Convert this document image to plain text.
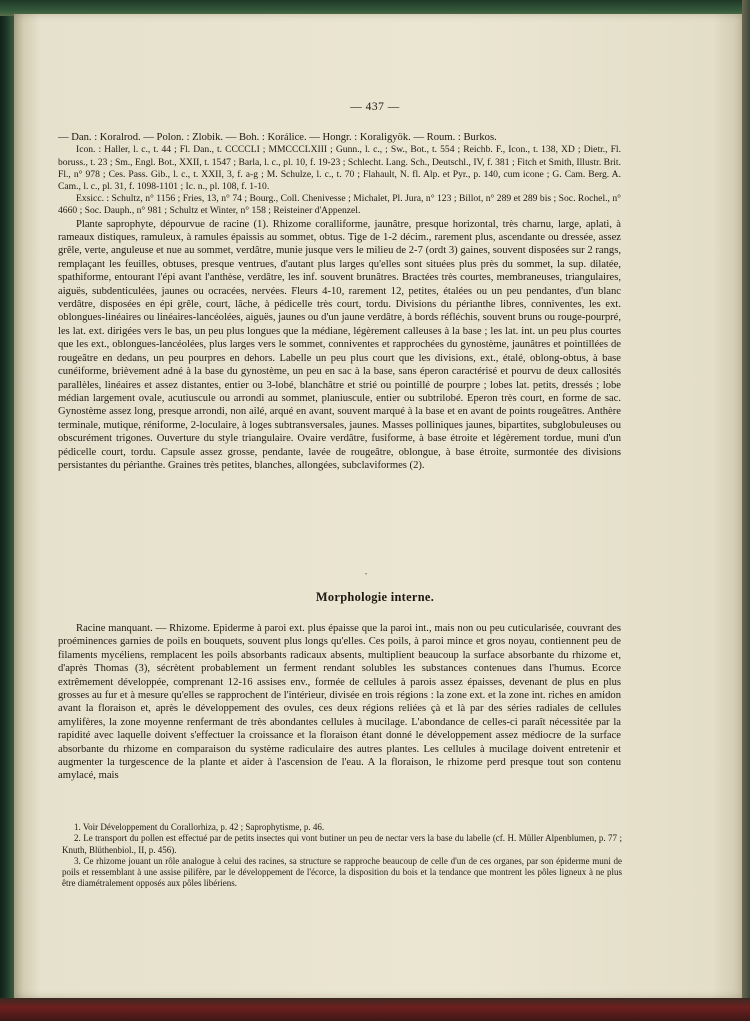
— 437 —

— Dan. : Koralrod. — Polon. : Zlobik. — Boh. : Korálice. — Hongr. : Koraligyök. — Roum. : Burkos.

Icon. : Haller, l. c., t. 44 ; Fl. Dan., t. CCCCLI ; MMCCCLXIII ; Gunn., l. c., ; Sw., Bot., t. 554 ; Reichb. F., Icon., t. 138, XD ; Dietr., Fl. boruss., t. 23 ; Sm., Engl. Bot., XXII, t. 1547 ; Barla, l. c., pl. 10, f. 19-23 ; Schlecht. Lang. Sch., Deutschl., IV, f. 381 ; Fitch et Smith, Illustr. Brit. Fl., n° 978 ; Ces. Pass. Gib., l. c., t. XXII, 3, f. a-g ; M. Schulze, l. c., t. 70 ; Flahault, N. fl. Alp. et Pyr., p. 140, cum icone ; G. Cam. Berg. A. Cam., l. c., pl. 31, f. 1098-1101 ; Ic. n., pl. 108, f. 1-10.

Exsicc. : Schultz, n° 1156 ; Fries, 13, n° 74 ; Bourg., Coll. Chenivesse ; Michalet, Pl. Jura, n° 123 ; Billot, n° 289 et 289 bis ; Soc. Rochel., n° 4660 ; Soc. Dauph., n° 981 ; Schultz et Winter, n° 158 ; Reisteiner d'Appenzel.

Plante saprophyte, dépourvue de racine (1). Rhizome coralliforme, jaunâtre, presque horizontal, très charnu, large, aplati, à rameaux distiques, ramuleux, à ramules épaissis au sommet, obtus. Tige de 1-2 décim., rarement plus, ascendante ou dressée, assez grêle, verte, anguleuse et nue au sommet, verdâtre, munie jusque vers le milieu de 2-7 (ordt 3) gaines, souvent disposées sur 2 rangs, remplaçant les feuilles, obtuses, presque ventrues, d'autant plus larges qu'elles sont situées plus près du sommet, la sup. dilatée, spathiforme, entourant l'épi avant l'anthèse, verdâtre, les inf. souvent brunâtres. Bractées très courtes, membraneuses, triangulaires, aiguës, subdenticulées, jaunes ou ocracées, nervées. Fleurs 4-10, rarement 12, petites, étalées ou un peu pendantes, d'un blanc verdâtre, disposées en épi grêle, court, lâche, à pédicelle très court, tordu. Divisions du périanthe libres, conniventes, les ext. oblongues-linéaires ou linéaires-lancéolées, aiguës, jaunes ou d'un jaune verdâtre, à bords réfléchis, souvent bruns ou rouge-pourpré, les lat. ext. dirigées vers le bas, un peu plus longues que la médiane, légèrement calleuses à la base ; les lat. int. un peu plus courtes que les ext., oblongues-lancéolées, plus larges vers le sommet, conniventes et rapprochées du gynostème, jaunâtres et pointillées de rougeâtre en dedans, un peu pourpres en dehors. Labelle un peu plus court que les divisions, ext., étalé, oblong-obtus, à base cunéiforme, brièvement adné à la base du gynostème, un peu en sac à la base, sans éperon caractérisé et pourvu de deux callosités parallèles, linéaires et assez distantes, entier ou 3-lobé, blanchâtre et strié ou pointillé de pourpre ; lobes lat. petits, dressés ; lobe médian largement ovale, acutiuscule ou arrondi au sommet, planiuscule, entier ou subtrilobé. Eperon très court, en forme de sac. Gynostème assez long, presque arrondi, non ailé, arqué en avant, souvent marqué à la base et en avant de points rougeâtres. Anthère terminale, mutique, réniforme, 2-loculaire, à loges subtransversales, jaunes. Masses polliniques jaunes, bipartites, subglobuleuses ou obscurément trigones. Ouverture du style triangulaire. Ovaire verdâtre, fusiforme, à base étroite et légèrement tordue, muni d'un pédicelle court, tordu. Capsule assez grosse, pendante, lavée de rougeâtre, oblongue, à base étroite, surmontée des divisions persistantes du périanthe. Graines très petites, blanches, allongées, subclaviformes (2).

•
Morphologie interne.

Racine manquant. — Rhizome. Epiderme à paroi ext. plus épaisse que la paroi int., mais non ou peu cuticularisée, couvrant des proéminences garnies de poils en bouquets, souvent plus longs qu'elles. Ces poils, à paroi mince et gros noyau, contiennent peu de filaments mycéliens, remplacent les poils absorbants radicaux absents, multiplient beaucoup la surface absorbante du rhizome et, d'après Thomas (3), sécrètent probablement un ferment rendant solubles les substances contenues dans l'humus. Ecorce extrêmement développée, comprenant 12-16 assises env., formée de cellules à parois assez épaisses, devenant de plus en plus grosses au fur et à mesure qu'elles se rapprochent de l'intérieur, divisée en trois régions : la zone ext. et la zone int. riches en amidon avant la floraison et, après le développement des ovules, ces deux régions reliées çà et là par des séries radiales de cellules amylifères, la zone moyenne renfermant de très abondantes cellules à mucilage. L'abondance de celles-ci paraît nécessitée par la rapidité avec laquelle doivent s'effectuer la croissance et la floraison étant donné le développement assez médiocre de la surface absorbante du rhizome en comparaison du système radiculaire des autres plantes. Les cellules à mucilage doivent entretenir et augmenter la turgescence de la plante et aider à l'ascension de l'eau. A la floraison, le rhizome perd presque tout son contenu amylacé, mais

1. Voir Développement du Corallorhiza, p. 42 ; Saprophytisme, p. 46.

2. Le transport du pollen est effectué par de petits insectes qui vont butiner un peu de nectar vers la base du labelle (cf. H. Müller Alpenblumen, p. 77 ; Knuth, Blüthenbiol., II, p. 456).

3. Ce rhizome jouant un rôle analogue à celui des racines, sa structure se rapproche beaucoup de celle d'un de ces organes, par son épiderme muni de poils et ressemblant à une assise pilifère, par le développement de l'écorce, la disposition du bois et la tendance que montrent les pôles ligneux à ne plus être diamétralement opposés aux pôles libériens.
